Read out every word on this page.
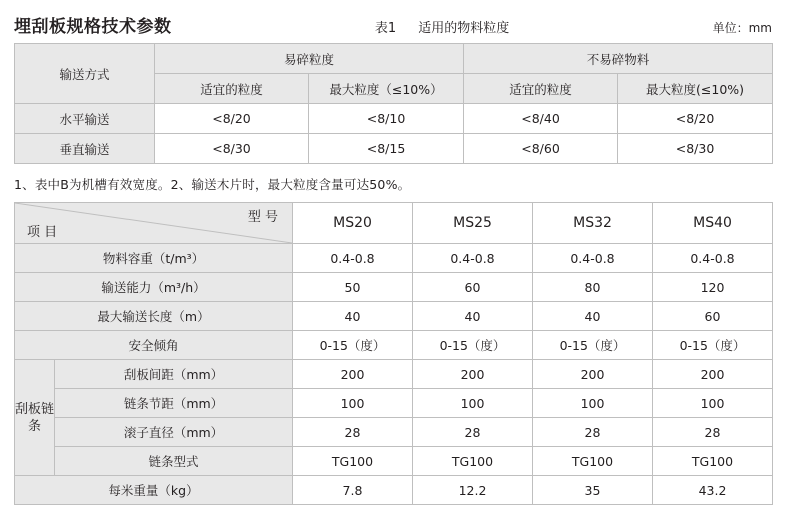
埋刮板规格技术参数	表1 适用的物料粒度	单位：mm
输送方式	易碎粒度		不易碎物料	
	适宜的粒度	最大粒度（≤10%）	适宜的粒度	最大粒度(≤10%)
水平输送	<8/20	<8/10	<8/40	<8/20
垂直输送	<8/30	<8/15	<8/60	<8/30
1、表中B为机槽有效宽度。2、输送木片时，最大粒度含量可达50%。
项 目
型 号		MS20	MS25	MS32	MS40
物料容重（t/m³）		0.4-0.8	0.4-0.8	0.4-0.8	0.4-0.8
输送能力（m³/h）		50	60	80	120
最大输送长度（m）		40	40	40	60
安全倾角		0-15（度）	0-15（度）	0-15（度）	0-15（度）
刮板链条	刮板间距（mm）	200	200	200	200
	链条节距（mm）	100	100	100	100
	滚子直径（mm）	28	28	28	28
	链条型式	TG100	TG100	TG100	TG100
每米重量（kg）		7.8	12.2	35	43.2
